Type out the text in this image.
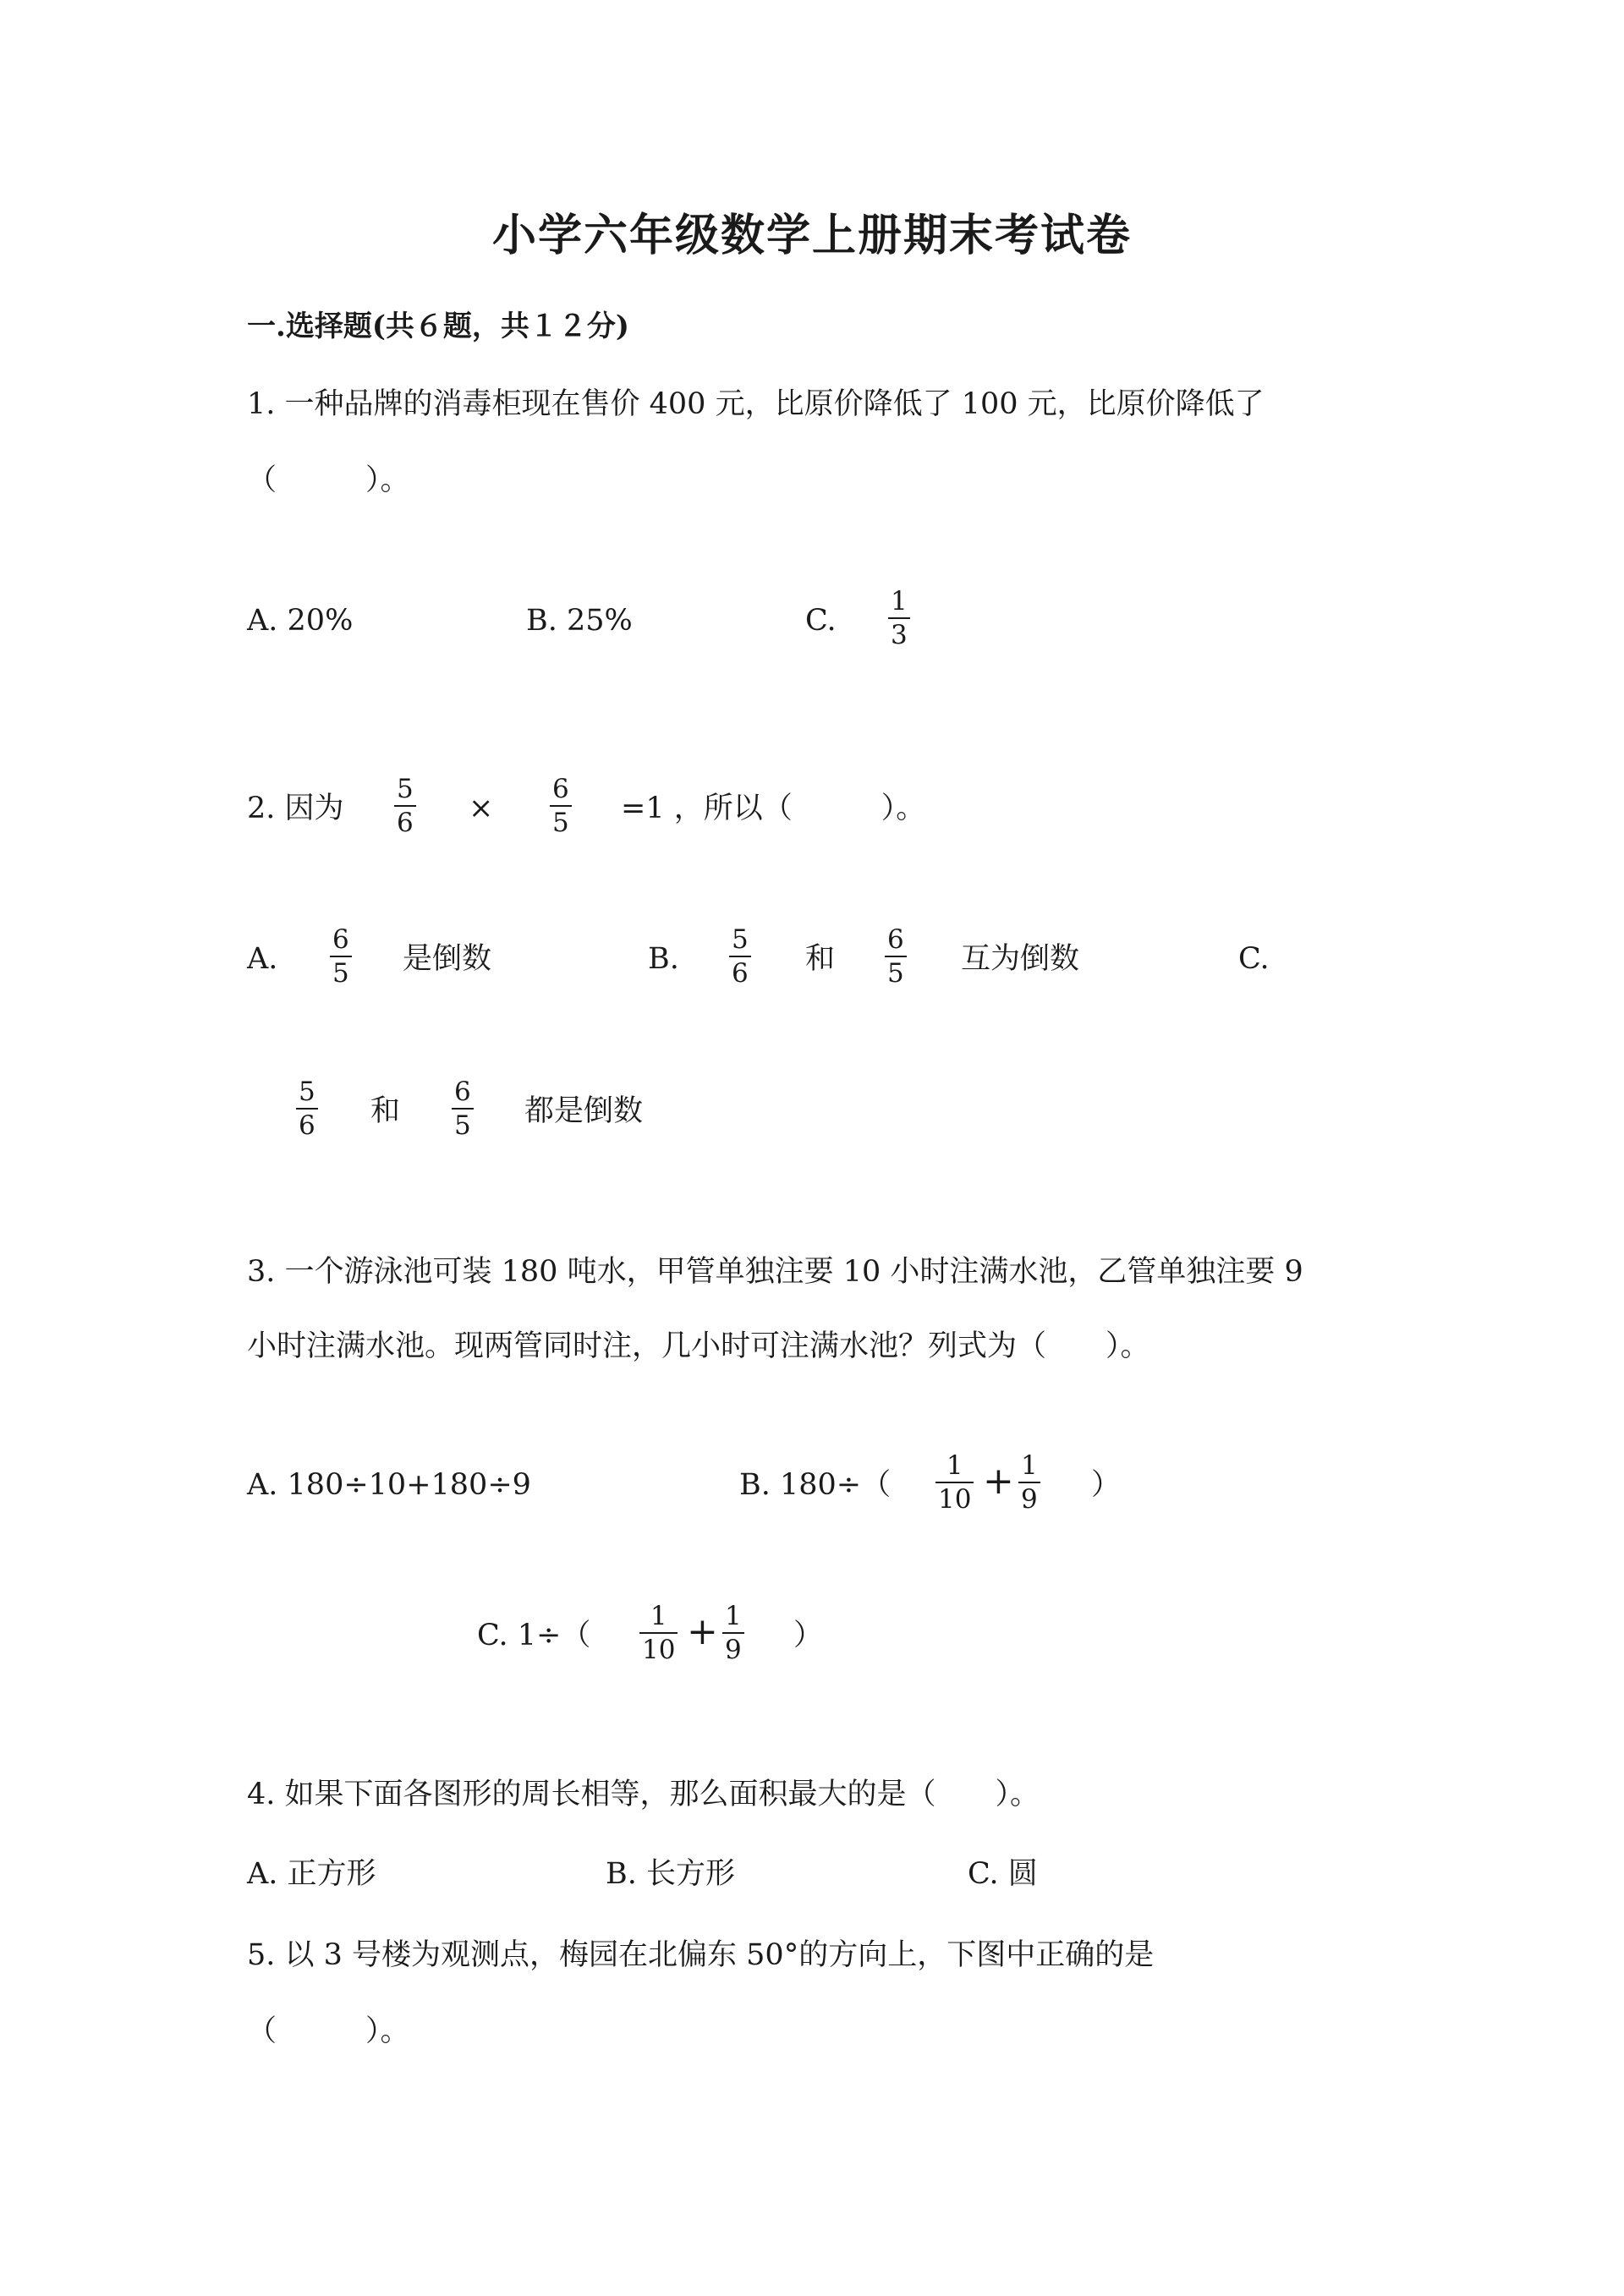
小学六年级数学上册期末考试卷
一.选择题(共６题，共１２分)
1. 一种品牌的消毒柜现在售价 400 元，比原价降低了 100 元，比原价降低了
（　　　）。
A. 20%	B. 25%	C.
1
3
2. 因为
5
6 ×
6
5 =1 ，所以（　　　）。
A.
6
5 是倒数	B.
5
6 和
6
5 互为倒数	C.
5
6 和
6
5 都是倒数
3. 一个游泳池可装 180 吨水，甲管单独注要 10 小时注满水池，乙管单独注要 9
小时注满水池。现两管同时注，几小时可注满水池？列式为（　　）。
A. 180÷10+180÷9	B. 180÷（
1
10 + 1
9 ）
C. 1÷（
1
10 + 1
9 ）
4. 如果下面各图形的周长相等，那么面积最大的是（　　）。
A. 正方形	B. 长方形	C. 圆
5. 以 3 号楼为观测点，梅园在北偏东 50°的方向上，下图中正确的是
（　　　）。
